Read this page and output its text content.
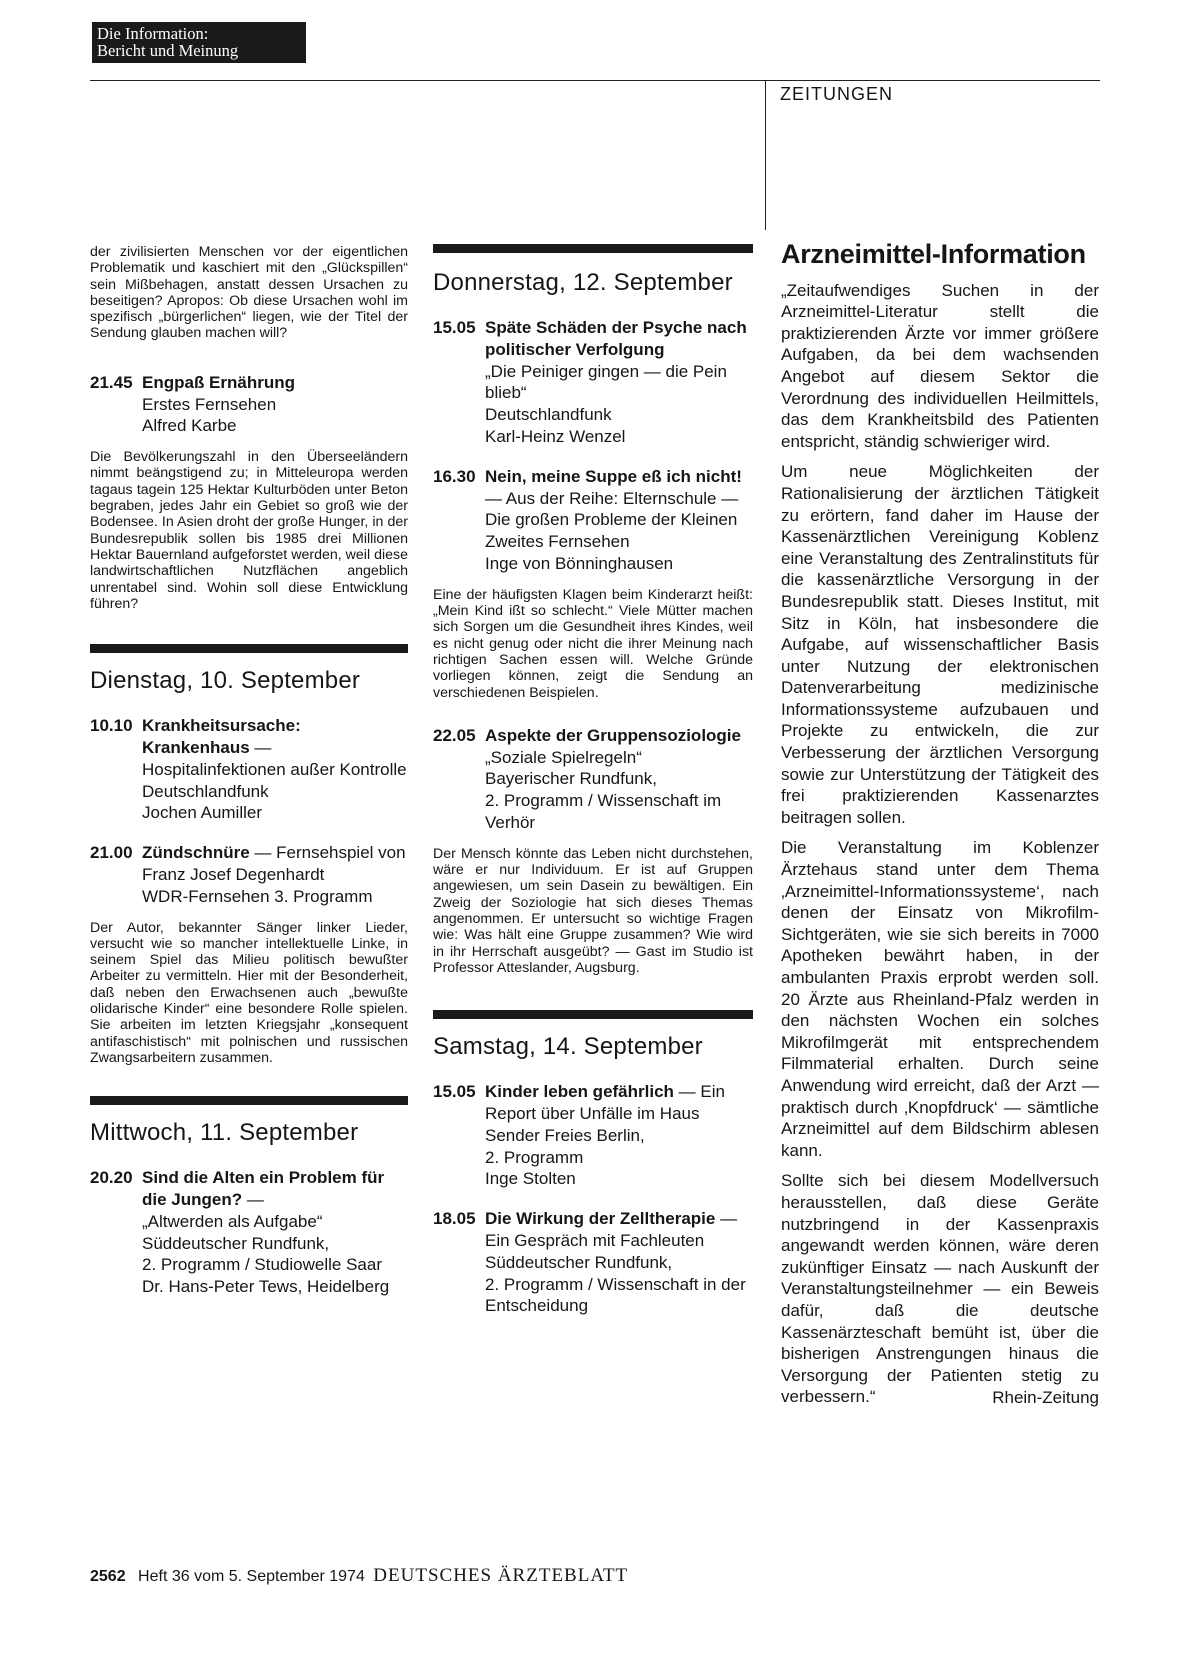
Die Information:
Bericht und Meinung
ZEITUNGEN

der zivilisierten Menschen vor der eigentlichen Problematik und kaschiert mit den „Glückspillen“ sein Mißbehagen, anstatt dessen Ursachen zu beseitigen? Apropos: Ob diese Ursachen wohl im spezifisch „bürgerlichen“ liegen, wie der Titel der Sendung glauben machen will?

21.45 Engpaß Ernährung
Erstes Fernsehen
Alfred Karbe

Die Bevölkerungszahl in den Überseeländern nimmt beängstigend zu; in Mitteleuropa werden tagaus tagein 125 Hektar Kulturböden unter Beton begraben, jedes Jahr ein Gebiet so groß wie der Bodensee. In Asien droht der große Hunger, in der Bundesrepublik sollen bis 1985 drei Millionen Hektar Bauernland aufgeforstet werden, weil diese landwirtschaftlichen Nutzflächen angeblich unrentabel sind. Wohin soll diese Entwicklung führen?

Dienstag, 10. September
10.10 Krankheitsursache: Krankenhaus — Hospitalinfektionen außer Kontrolle
Deutschlandfunk
Jochen Aumiller
21.00 Zündschnüre — Fernsehspiel von Franz Josef Degenhardt
WDR-Fernsehen 3. Programm

Der Autor, bekannter Sänger linker Lieder, versucht wie so mancher intellektuelle Linke, in seinem Spiel das Milieu politisch bewußter Arbeiter zu vermitteln. Hier mit der Besonderheit, daß neben den Erwachsenen auch „bewußte olidarische Kinder“ eine besondere Rolle spielen. Sie arbeiten im letzten Kriegsjahr „konsequent antifaschistisch“ mit polnischen und russischen Zwangsarbeitern zusammen.

Mittwoch, 11. September
20.20 Sind die Alten ein Problem für die Jungen? —
„Altwerden als Aufgabe“
Süddeutscher Rundfunk,
2. Programm / Studiowelle Saar
Dr. Hans-Peter Tews, Heidelberg
Donnerstag, 12. September
15.05 Späte Schäden der Psyche nach politischer Verfolgung
„Die Peiniger gingen — die Pein blieb“
Deutschlandfunk
Karl-Heinz Wenzel
16.30 Nein, meine Suppe eß ich nicht! — Aus der Reihe: Elternschule — Die großen Probleme der Kleinen
Zweites Fernsehen
Inge von Bönninghausen

Eine der häufigsten Klagen beim Kinderarzt heißt: „Mein Kind ißt so schlecht.“ Viele Mütter machen sich Sorgen um die Gesundheit ihres Kindes, weil es nicht genug oder nicht die ihrer Meinung nach richtigen Sachen essen will. Welche Gründe vorliegen können, zeigt die Sendung an verschiedenen Beispielen.

22.05 Aspekte der Gruppensoziologie
„Soziale Spielregeln“
Bayerischer Rundfunk,
2. Programm / Wissenschaft im Verhör

Der Mensch könnte das Leben nicht durchstehen, wäre er nur Individuum. Er ist auf Gruppen angewiesen, um sein Dasein zu bewältigen. Ein Zweig der Soziologie hat sich dieses Themas angenommen. Er untersucht so wichtige Fragen wie: Was hält eine Gruppe zusammen? Wie wird in ihr Herrschaft ausgeübt? — Gast im Studio ist Professor Atteslander, Augsburg.

Samstag, 14. September
15.05 Kinder leben gefährlich — Ein Report über Unfälle im Haus
Sender Freies Berlin,
2. Programm
Inge Stolten
18.05 Die Wirkung der Zelltherapie — Ein Gespräch mit Fachleuten
Süddeutscher Rundfunk,
2. Programm / Wissenschaft in der Entscheidung
Arzneimittel-Information

„Zeitaufwendiges Suchen in der Arzneimittel-Literatur stellt die praktizierenden Ärzte vor immer größere Aufgaben, da bei dem wachsenden Angebot auf diesem Sektor die Verordnung des individuellen Heilmittels, das dem Krankheitsbild des Patienten entspricht, ständig schwieriger wird.

Um neue Möglichkeiten der Rationalisierung der ärztlichen Tätigkeit zu erörtern, fand daher im Hause der Kassenärztlichen Vereinigung Koblenz eine Veranstaltung des Zentralinstituts für die kassenärztliche Versorgung in der Bundesrepublik statt. Dieses Institut, mit Sitz in Köln, hat insbesondere die Aufgabe, auf wissenschaftlicher Basis unter Nutzung der elektronischen Datenverarbeitung medizinische Informationssysteme aufzubauen und Projekte zu entwickeln, die zur Verbesserung der ärztlichen Versorgung sowie zur Unterstützung der Tätigkeit des frei praktizierenden Kassenarztes beitragen sollen.

Die Veranstaltung im Koblenzer Ärztehaus stand unter dem Thema ‚Arzneimittel-Informationssysteme‘, nach denen der Einsatz von Mikrofilm-Sichtgeräten, wie sie sich bereits in 7000 Apotheken bewährt haben, in der ambulanten Praxis erprobt werden soll. 20 Ärzte aus Rheinland-Pfalz werden in den nächsten Wochen ein solches Mikrofilmgerät mit entsprechendem Filmmaterial erhalten. Durch seine Anwendung wird erreicht, daß der Arzt — praktisch durch ‚Knopfdruck‘ — sämtliche Arzneimittel auf dem Bildschirm ablesen kann.

Sollte sich bei diesem Modellversuch herausstellen, daß diese Geräte nutzbringend in der Kassenpraxis angewandt werden können, wäre deren zukünftiger Einsatz — nach Auskunft der Veranstaltungsteilnehmer — ein Beweis dafür, daß die deutsche Kassenärzteschaft bemüht ist, über die bisherigen Anstrengungen hinaus die Versorgung der Patienten stetig zu verbessern.“	Rhein-Zeitung
2562 Heft 36 vom 5. September 1974 DEUTSCHES ÄRZTEBLATT
